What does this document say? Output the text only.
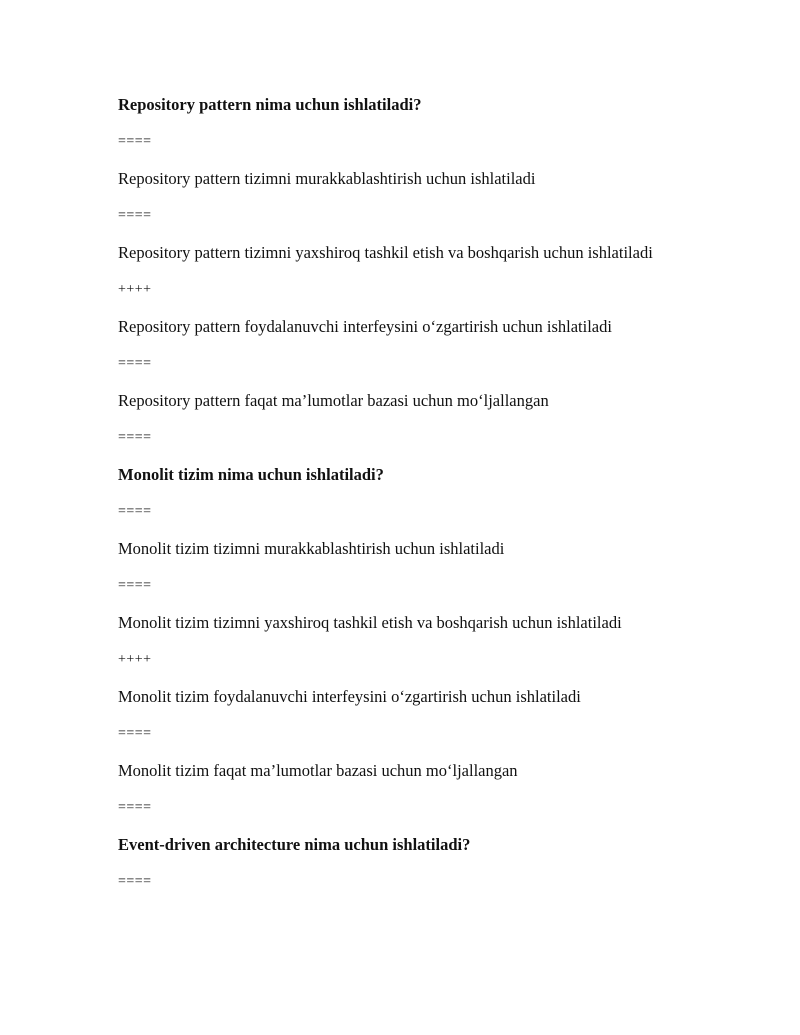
Repository pattern nima uchun ishlatiladi?

====

Repository pattern tizimni murakkablashtirish uchun ishlatiladi

====

Repository pattern tizimni yaxshiroq tashkil etish va boshqarish uchun ishlatiladi

++++

Repository pattern foydalanuvchi interfeysini o‘zgartirish uchun ishlatiladi

====

Repository pattern faqat ma’lumotlar bazasi uchun mo‘ljallangan

====

Monolit tizim nima uchun ishlatiladi?

====

Monolit tizim tizimni murakkablashtirish uchun ishlatiladi

====

Monolit tizim tizimni yaxshiroq tashkil etish va boshqarish uchun ishlatiladi

++++

Monolit tizim foydalanuvchi interfeysini o‘zgartirish uchun ishlatiladi

====

Monolit tizim faqat ma’lumotlar bazasi uchun mo‘ljallangan

====

Event-driven architecture nima uchun ishlatiladi?

====
